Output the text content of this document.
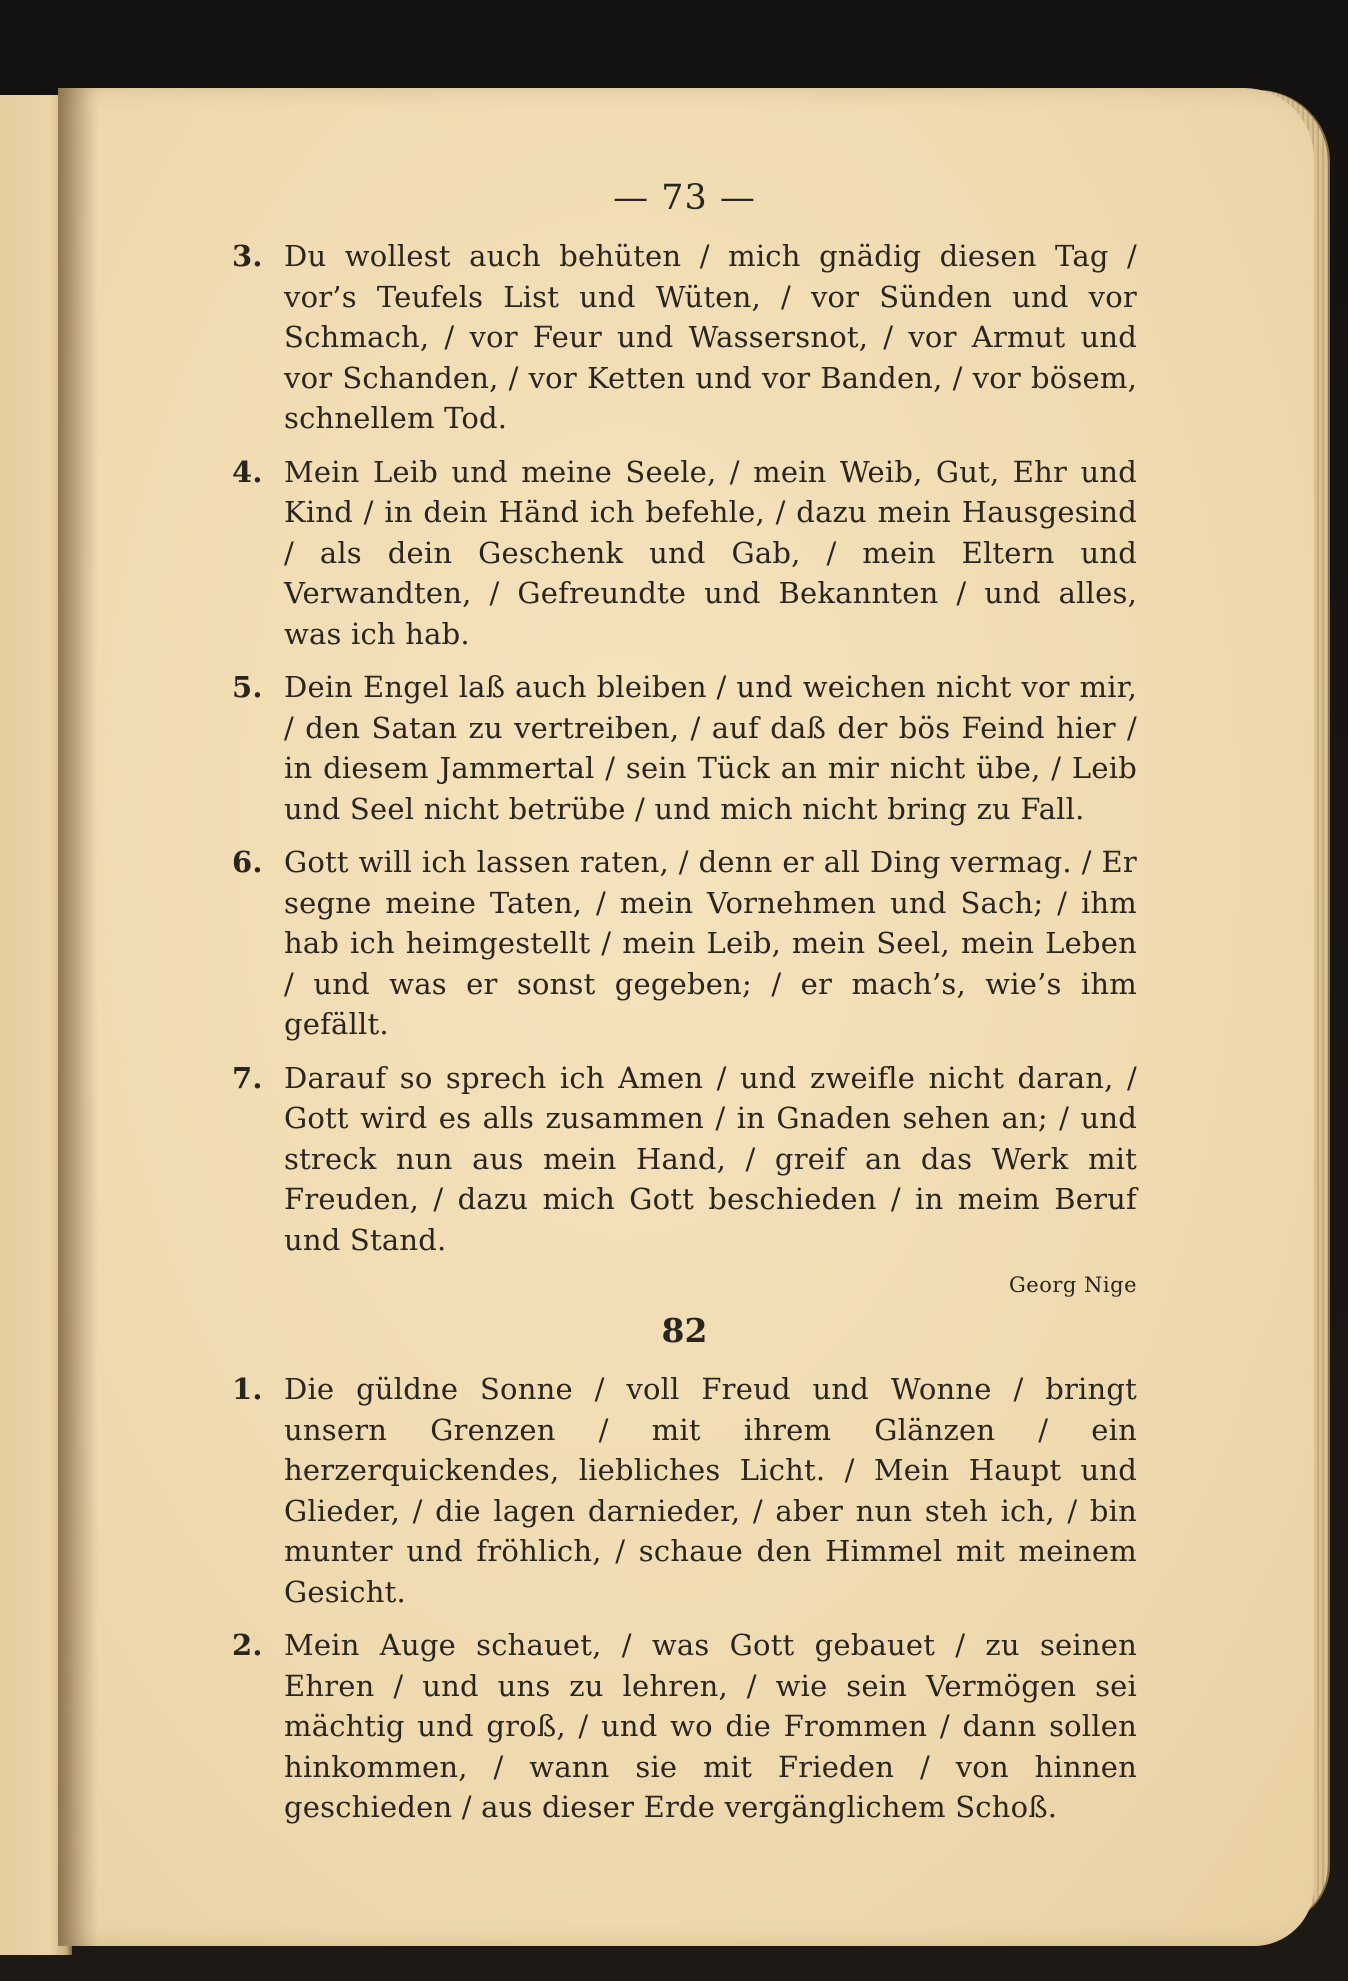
— 73 —
3. Du wollest auch behüten / mich gnädig diesen Tag / vor’s Teufels List und Wüten, / vor Sünden und vor Schmach, / vor Feur und Wassersnot, / vor Armut und vor Schanden, / vor Ketten und vor Banden, / vor bösem, schnellem Tod.
4. Mein Leib und meine Seele, / mein Weib, Gut, Ehr und Kind / in dein Händ ich befehle, / dazu mein Hausgesind / als dein Geschenk und Gab, / mein Eltern und Verwandten, / Gefreundte und Bekannten / und alles, was ich hab.
5. Dein Engel laß auch bleiben / und weichen nicht vor mir, / den Satan zu vertreiben, / auf daß der bös Feind hier / in diesem Jammertal / sein Tück an mir nicht übe, / Leib und Seel nicht betrübe / und mich nicht bring zu Fall.
6. Gott will ich lassen raten, / denn er all Ding vermag. / Er segne meine Taten, / mein Vornehmen und Sach; / ihm hab ich heimgestellt / mein Leib, mein Seel, mein Leben / und was er sonst gegeben; / er mach’s, wie’s ihm gefällt.
7. Darauf so sprech ich Amen / und zweifle nicht daran, / Gott wird es alls zusammen / in Gnaden sehen an; / und streck nun aus mein Hand, / greif an das Werk mit Freuden, / dazu mich Gott beschieden / in meim Beruf und Stand.
Georg Nige
82
1. Die güldne Sonne / voll Freud und Wonne / bringt unsern Grenzen / mit ihrem Glänzen / ein herzerquickendes, liebliches Licht. / Mein Haupt und Glieder, / die lagen darnieder, / aber nun steh ich, / bin munter und fröhlich, / schaue den Himmel mit meinem Gesicht.
2. Mein Auge schauet, / was Gott gebauet / zu seinen Ehren / und uns zu lehren, / wie sein Vermögen sei mächtig und groß, / und wo die Frommen / dann sollen hinkommen, / wann sie mit Frieden / von hinnen geschieden / aus dieser Erde vergänglichem Schoß.
